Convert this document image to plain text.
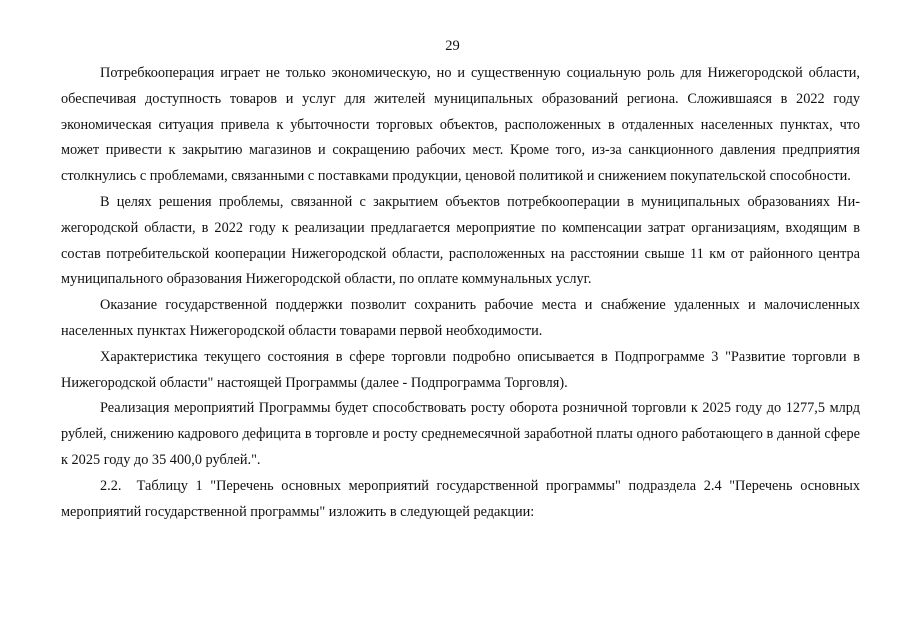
29

Потребкооперация играет не только экономическую, но и существенную социальную роль для Нижегородской области, обеспечивая доступность товаров и услуг для жителей муниципальных образований региона. Сложившаяся в 2022 году экономическая ситуация привела к убыточности торговых объектов, расположенных в отдаленных населенных пунктах, что может привести к закрытию магазинов и сокращению рабочих мест. Кроме того, из-за санкционного давления предприятия столкнулись с проблемами, связанными с поставками продукции, ценовой политикой и снижением покупательской способности.

В целях решения проблемы, связанной с закрытием объектов потребкооперации в муниципальных образованиях Нижегородской области, в 2022 году к реализации предлагается мероприятие по компенсации затрат организациям, входящим в состав потребительской кооперации Нижегородской области, расположенных на расстоянии свыше 11 км от районного центра муниципального образования Нижегородской области, по оплате коммунальных услуг.

Оказание государственной поддержки позволит сохранить рабочие места и снабжение удаленных и малочисленных населенных пунктах Нижегородской области товарами первой необходимости.

Характеристика текущего состояния в сфере торговли подробно описывается в Подпрограмме 3 "Развитие торговли в Нижегородской области" настоящей Программы (далее - Подпрограмма Торговля).

Реализация мероприятий Программы будет способствовать росту оборота розничной торговли к 2025 году до 1277,5 млрд рублей, снижению кадрового дефицита в торговле и росту среднемесячной заработной платы одного работающего в данной сфере к 2025 году до 35 400,0 рублей.".

2.2.  Таблицу 1 "Перечень основных мероприятий государственной программы" подраздела 2.4 "Перечень основных мероприятий государственной программы" изложить в следующей редакции:
